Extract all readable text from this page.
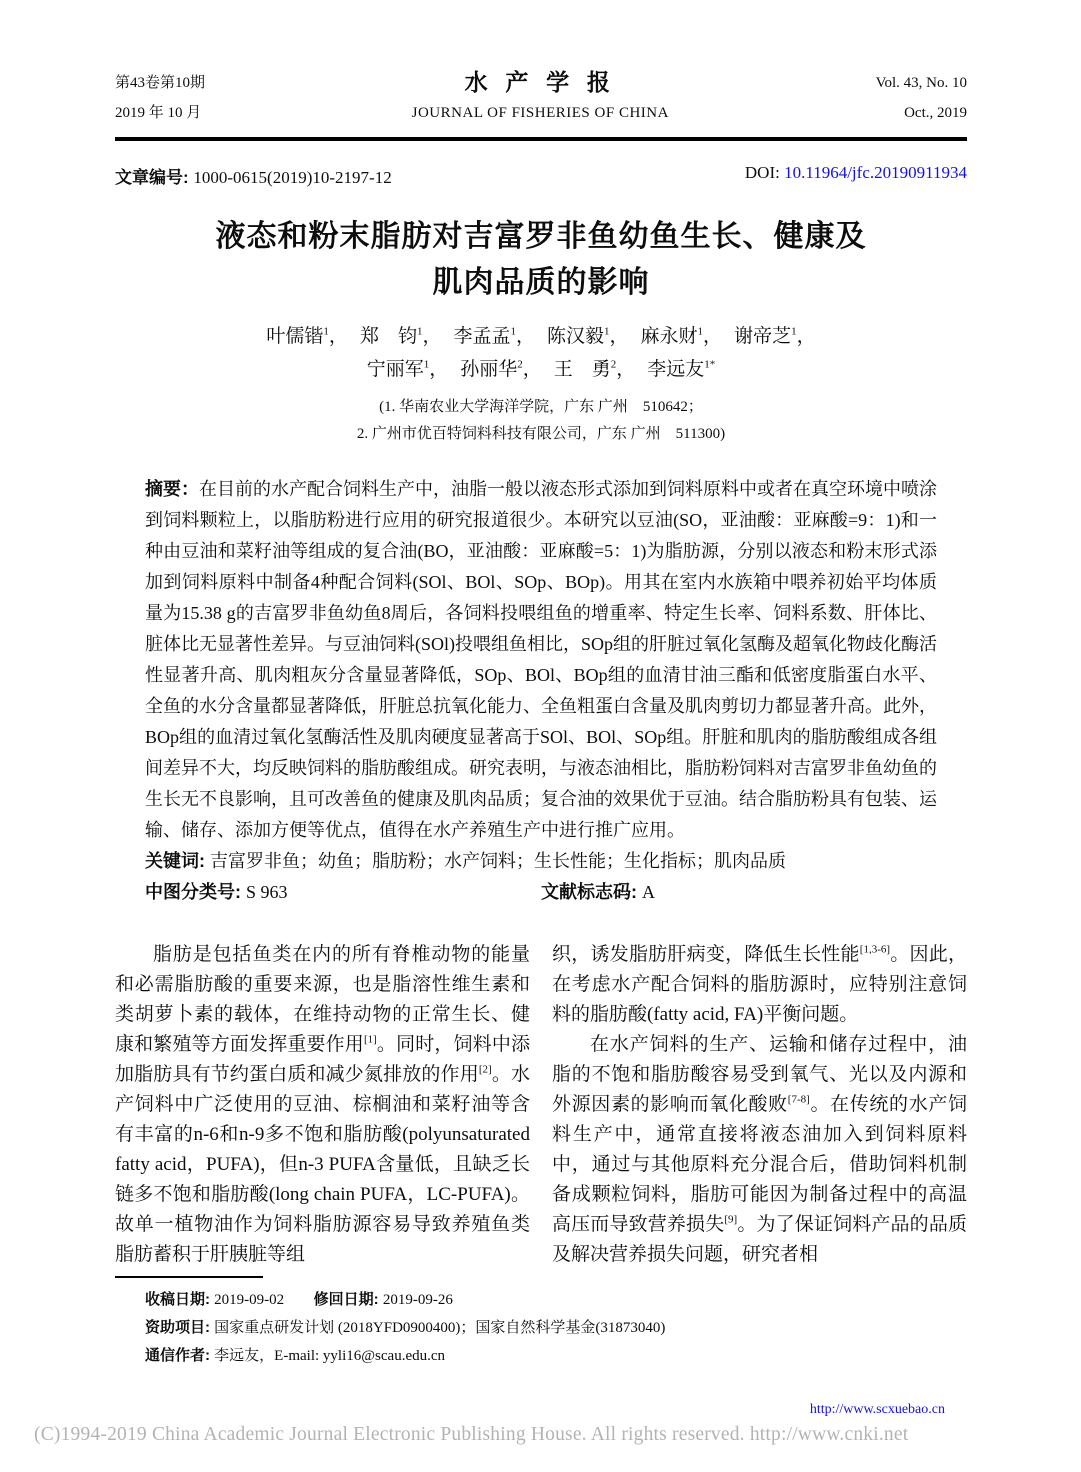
第43卷第10期
2019 年 10 月
水 产 学 报
JOURNAL OF FISHERIES OF CHINA
Vol. 43, No. 10
Oct., 2019
文章编号: 1000-0615(2019)10-2197-12	DOI: 10.11964/jfc.20190911934
液态和粉末脂肪对吉富罗非鱼幼鱼生长、健康及
肌肉品质的影响
叶儒锴$^1$， 郑　钧$^1$， 李孟孟$^1$， 陈汉毅$^1$， 麻永财$^1$， 谢帝芝$^1$，
宁丽军$^1$， 孙丽华$^2$， 王　勇$^2$， 李远友$^{1*}$
(1. 华南农业大学海洋学院，广东 广州　510642；
2. 广州市优百特饲料科技有限公司，广东 广州　511300)

摘要：在目前的水产配合饲料生产中，油脂一般以液态形式添加到饲料原料中或者在真空环境中喷涂到饲料颗粒上，以脂肪粉进行应用的研究报道很少。本研究以豆油(SO，亚油酸：亚麻酸=9：1)和一种由豆油和菜籽油等组成的复合油(BO，亚油酸：亚麻酸=5：1)为脂肪源，分别以液态和粉末形式添加到饲料原料中制备4种配合饲料(SOl、BOl、SOp、BOp)。用其在室内水族箱中喂养初始平均体质量为15.38 g的吉富罗非鱼幼鱼8周后，各饲料投喂组鱼的增重率、特定生长率、饲料系数、肝体比、脏体比无显著性差异。与豆油饲料(SOl)投喂组鱼相比，SOp组的肝脏过氧化氢酶及超氧化物歧化酶活性显著升高、肌肉粗灰分含量显著降低，SOp、BOl、BOp组的血清甘油三酯和低密度脂蛋白水平、全鱼的水分含量都显著降低，肝脏总抗氧化能力、全鱼粗蛋白含量及肌肉剪切力都显著升高。此外，BOp组的血清过氧化氢酶活性及肌肉硬度显著高于SOl、BOl、SOp组。肝脏和肌肉的脂肪酸组成各组间差异不大，均反映饲料的脂肪酸组成。研究表明，与液态油相比，脂肪粉饲料对吉富罗非鱼幼鱼的生长无不良影响，且可改善鱼的健康及肌肉品质；复合油的效果优于豆油。结合脂肪粉具有包装、运输、储存、添加方便等优点，值得在水产养殖生产中进行推广应用。

关键词: 吉富罗非鱼；幼鱼；脂肪粉；水产饲料；生长性能；生化指标；肌肉品质

中图分类号: S 963	文献标志码: A

脂肪是包括鱼类在内的所有脊椎动物的能量和必需脂肪酸的重要来源，也是脂溶性维生素和类胡萝卜素的载体，在维持动物的正常生长、健康和繁殖等方面发挥重要作用[1]。同时，饲料中添加脂肪具有节约蛋白质和减少氮排放的作用[2]。水产饲料中广泛使用的豆油、棕榈油和菜籽油等含有丰富的n-6和n-9多不饱和脂肪酸(polyunsaturated fatty acid，PUFA)，但n-3 PUFA含量低，且缺乏长链多不饱和脂肪酸(long chain PUFA，LC-PUFA)。故单一植物油作为饲料脂肪源容易导致养殖鱼类脂肪蓄积于肝胰脏等组

织，诱发脂肪肝病变，降低生长性能[1,3-6]。因此，在考虑水产配合饲料的脂肪源时，应特别注意饲料的脂肪酸(fatty acid, FA)平衡问题。

在水产饲料的生产、运输和储存过程中，油脂的不饱和脂肪酸容易受到氧气、光以及内源和外源因素的影响而氧化酸败[7-8]。在传统的水产饲料生产中，通常直接将液态油加入到饲料原料中，通过与其他原料充分混合后，借助饲料机制备成颗粒饲料，脂肪可能因为制备过程中的高温高压而导致营养损失[9]。为了保证饲料产品的品质及解决营养损失问题，研究者相

收稿日期: 2019-09-02 修回日期: 2019-09-26
资助项目: 国家重点研发计划 (2018YFD0900400)；国家自然科学基金(31873040)
通信作者: 李远友，E-mail: yyli16@scau.edu.cn
http://www.scxuebao.cn
(C)1994-2019 China Academic Journal Electronic Publishing House. All rights reserved. http://www.cnki.net
